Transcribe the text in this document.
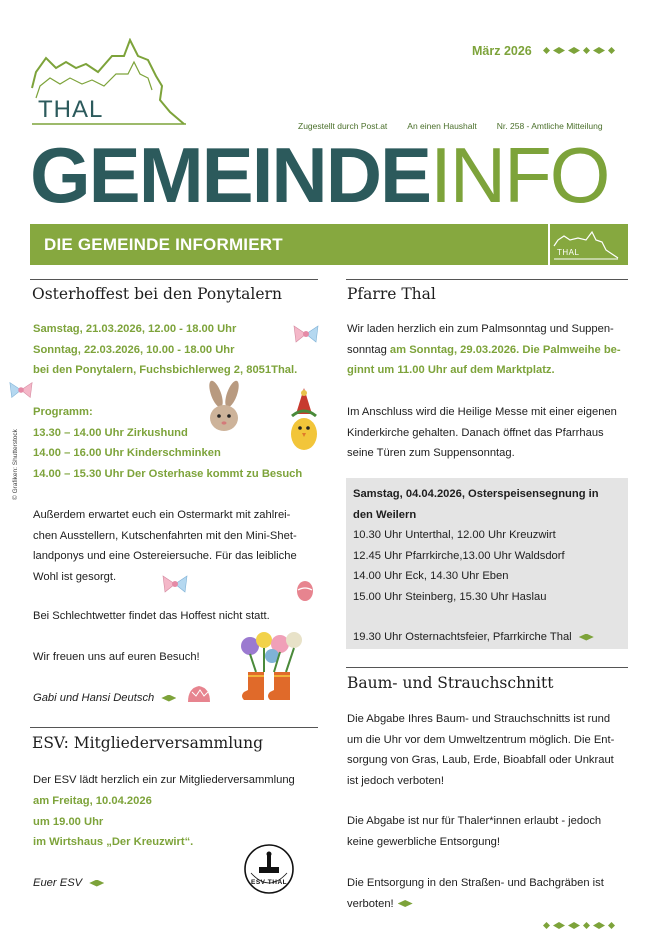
THAL
März 2026
Zugestellt durch Post.at An einen Haushalt Nr. 258 - Amtliche Mitteilung
GEMEINDEINFO
DIE GEMEINDE INFORMIERT	THAL
© Grafiken: Shutterstock
Osterhoffest bei den Ponytalern
Samstag, 21.03.2026, 12.00 - 18.00 Uhr
Sonntag, 22.03.2026, 10.00 - 18.00 Uhr
bei den Ponytalern, Fuchsbichlerweg 2, 8051Thal.
Programm:
13.30 – 14.00 Uhr Zirkushund
14.00 – 16.00 Uhr Kinderschminken
14.00 – 15.30 Uhr Der Osterhase kommt zu Besuch
Außerdem erwartet euch ein Ostermarkt mit zahlrei-
chen Ausstellern, Kutschenfahrten mit den Mini-Shet-
landponys und eine Ostereiersuche. Für das leibliche
Wohl ist gesorgt.
Bei Schlechtwetter findet das Hoffest nicht statt.
Wir freuen uns auf euren Besuch!
Gabi und Hansi Deutsch
ESV: Mitgliederversammlung
Der ESV lädt herzlich ein zur Mitgliederversammlung
am Freitag, 10.04.2026
um 19.00 Uhr
im Wirtshaus „Der Kreuzwirt“.
Euer ESV	ESV THAL
Pfarre Thal
Wir laden herzlich ein zum Palmsonntag und Suppen-
sonntag am Sonntag, 29.03.2026. Die Palmweihe be-
ginnt um 11.00 Uhr auf dem Marktplatz.
Im Anschluss wird die Heilige Messe mit einer eigenen
Kinderkirche gehalten. Danach öffnet das Pfarrhaus
seine Türen zum Suppensonntag.
Samstag, 04.04.2026, Osterspeisensegnung in
den Weilern
10.30 Uhr Unterthal, 12.00 Uhr Kreuzwirt
12.45 Uhr Pfarrkirche,13.00 Uhr Waldsdorf
14.00 Uhr Eck, 14.30 Uhr Eben
15.00 Uhr Steinberg, 15.30 Uhr Haslau
19.30 Uhr Osternachtsfeier, Pfarrkirche Thal
Baum- und Strauchschnitt
Die Abgabe Ihres Baum- und Strauchschnitts ist rund
um die Uhr vor dem Umweltzentrum möglich. Die Ent-
sorgung von Gras, Laub, Erde, Bioabfall oder Unkraut
ist jedoch verboten!
Die Abgabe ist nur für Thaler*innen erlaubt - jedoch
keine gewerbliche Entsorgung!
Die Entsorgung in den Straßen- und Bachgräben ist
verboten!
